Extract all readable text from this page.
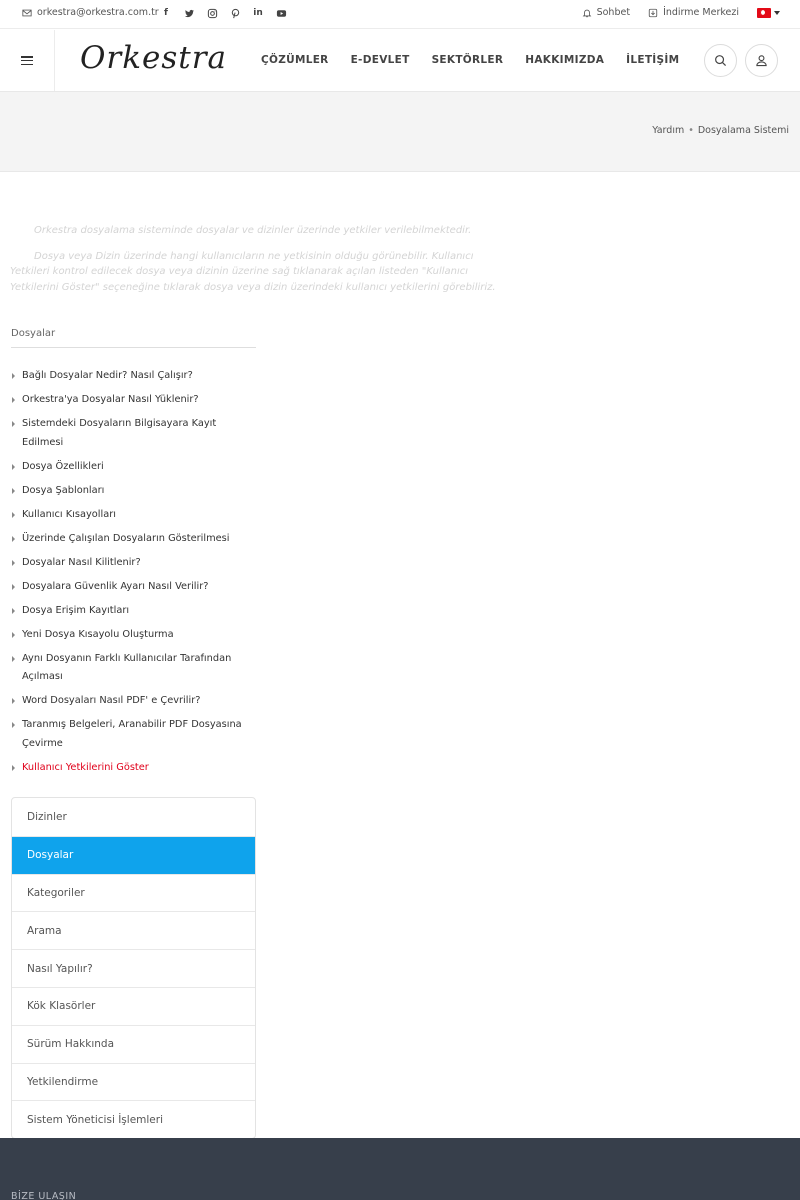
orkestra@orkestra.com.tr f	in	Sohbet	İndirme Merkezi
Orkestra	ÇÖZÜMLER E-DEVLET SEKTÖRLER HAKKIMIZDA İLETİŞİM
Yardım • Dosyalama Sistemi

Orkestra dosyalama sisteminde dosyalar ve dizinler üzerinde yetkiler verilebilmektedir.

Dosya veya Dizin üzerinde hangi kullanıcıların ne yetkisinin olduğu görünebilir. Kullanıcı Yetkileri kontrol edilecek dosya veya dizinin üzerine sağ tıklanarak açılan listeden "Kullanıcı Yetkilerini Göster" seçeneğine tıklarak dosya veya dizin üzerindeki kullanıcı yetkilerini görebiliriz.

Dosyalar
Bağlı Dosyalar Nedir? Nasıl Çalışır?
Orkestra'ya Dosyalar Nasıl Yüklenir?
Sistemdeki Dosyaların Bilgisayara Kayıt Edilmesi
Dosya Özellikleri
Dosya Şablonları
Kullanıcı Kısayolları
Üzerinde Çalışılan Dosyaların Gösterilmesi
Dosyalar Nasıl Kilitlenir?
Dosyalara Güvenlik Ayarı Nasıl Verilir?
Dosya Erişim Kayıtları
Yeni Dosya Kısayolu Oluşturma
Aynı Dosyanın Farklı Kullanıcılar Tarafından Açılması
Word Dosyaları Nasıl PDF' e Çevrilir?
Taranmış Belgeleri, Aranabilir PDF Dosyasına Çevirme
Kullanıcı Yetkilerini Göster
Dizinler
Dosyalar
Kategoriler
Arama
Nasıl Yapılır?
Kök Klasörler
Sürüm Hakkında
Yetkilendirme
Sistem Yöneticisi İşlemleri
BİZE ULAŞIN
